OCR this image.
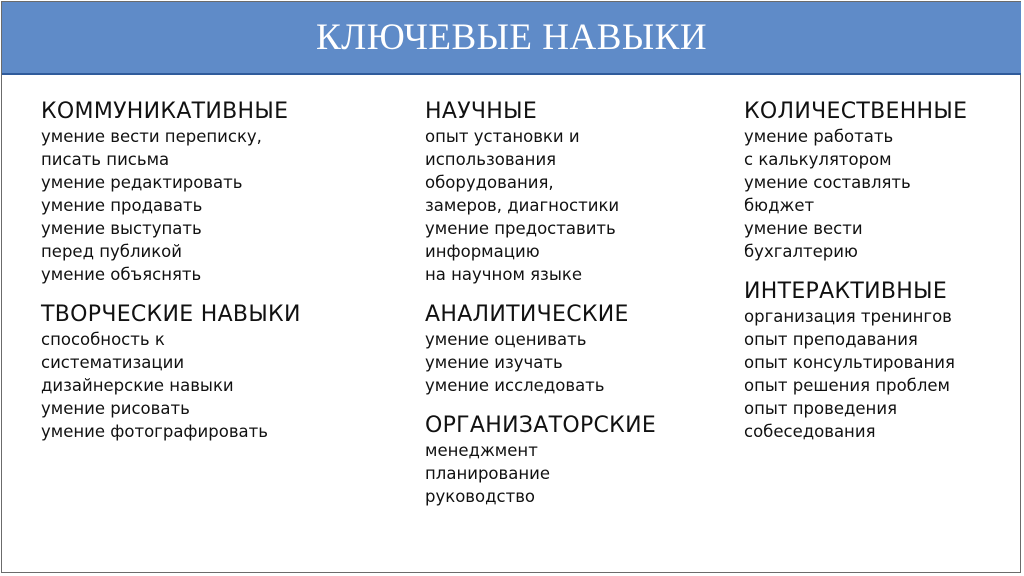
КЛЮЧЕВЫЕ НАВЫКИ
КОММУНИКАТИВНЫЕ
умение вести переписку,
писать письма
умение редактировать
умение продавать
умение выступать
перед публикой
умение объяснять
ТВОРЧЕСКИЕ НАВЫКИ
способность к
систематизации
дизайнерские навыки
умение рисовать
умение фотографировать
НАУЧНЫЕ
опыт установки и
использования
оборудования,
замеров, диагностики
умение предоставить
информацию
на научном языке
АНАЛИТИЧЕСКИЕ
умение оценивать
умение изучать
умение исследовать
ОРГАНИЗАТОРСКИЕ
менеджмент
планирование
руководство
КОЛИЧЕСТВЕННЫЕ
умение работать
с калькулятором
умение составлять
бюджет
умение вести
бухгалтерию
ИНТЕРАКТИВНЫЕ
организация тренингов
опыт преподавания
опыт консультирования
опыт решения проблем
опыт проведения
собеседования
